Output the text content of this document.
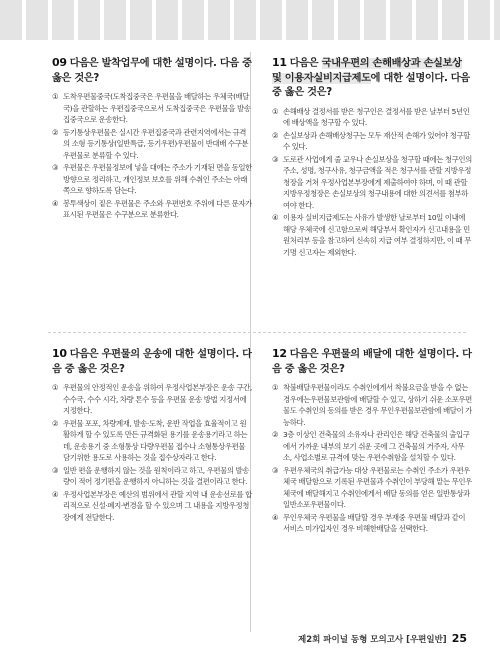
09 다음은 발착업무에 대한 설명이다. 다음 중 옳은 것은?
① 도착우편물중국(도착집중국은 우편물을 배달하는 우체국(배달국)을 관할하는 우편집중국으로서 도착집중국은 우편물을 발송집중국으로 운송한다.
② 등기통상우편물은 실시간 우편집중국과 관련지역에서는 규격의 소형 등기통상(일반특급, 등기우편)우편물이 반대배 수구분 우편물로 분류할 수 있다.
③ 우편물은 우편물정보에 넣을 대에는 주소가 기재된 면을 동일한 방향으로 정리하고, 개인정보 보호를 위해 수취인 주소는 아래쪽으로 향하도록 담는다.
④ 봉투색상이 짙은 우편물은 주소와 우편번호 주위에 다른 문자가 표시된 우편물은 수구분으로 분류한다.
11 다음은 국내우편의 손해배상과 손실보상 및 이용자실비지급제도에 대한 설명이다. 다음 중 옳은 것은?
① 손해배상 결정서를 받은 청구인은 결정서를 받은 날부터 5년인에 배상액을 청구할 수 있다.
② 손실보상과 손해배상청구는 모두 재산적 손해가 있어야 청구할 수 있다.
③ 도로관 사업에게 줄 교우나 손실보상을 청구할 때에는 청구인의 주소, 성명, 청구사유, 청구금액을 적은 청구서를 관할 지방우정청장을 거쳐 우정사업본부장에게 제출하여야 하며, 이 때 관할 지방우정청장은 손실보상의 청구내용에 대한 의견서를 첨부하여야 한다.
④ 이용자 실비지급제도는 사유가 발생한 날로부터 10일 이내에 해당 우체국에 신고함으로써 해당부서 확인자가 신고내용을 민원처리부 등을 참고하여 신속히 지급 여부 결정하지만, 이 때 무기명 신고자는 제외한다.
10 다음은 우편물의 운송에 대한 설명이다. 다음 중 옳은 것은?
① 우편물의 안정적인 운송을 위하여 우정사업본부장은 운송 구간, 수수국, 수수 시각, 차량 톤수 등을 우편물 운송 방법 지정서에 지정한다.
② 우편물 포포, 차량계재, 발송·도착, 운반 작업을 효율적이고 원활하게 할 수 있도록 만든 규격화된 용기를 운송용기라고 하는데, 운송용기 중 소형통상 다량우편물 접수나 소형통상우편물 담기위한 용도로 사용하는 것을 접수상자라고 한다.
③ 일반 편을 운행하지 않는 것을 원칙이라고 하고, 우편물의 발송량이 적어 정기편을 운행하지 아니하는 것을 결편이라고 한다.
④ 우정사업본부장은 예산의 범위에서 관할 지역 내 운송선로를 합리적으로 신설·폐지·변경을 할 수 있으며 그 내용을 지방우정청장에게 전달한다.
12 다음은 우편물의 배달에 대한 설명이다. 다음 중 옳은 것은?
① 착불배달우편물이라도 수취인에게서 착불요금을 받을 수 없는 경우에는우편물보관함에 배달할 수 있고, 상하기 쉬운 소포우편물도 수취인의 동의를 받은 경우 무인우편물보관함에 배달이 가능하다.
② 3층 이상인 건축물의 소유자나 관리인은 해당 건축물의 출입구에서 가까운 내부의 보기 쉬운 곳에 그 건축물의 거주자, 사무소, 사업소별로 규격에 맞는 우편수취함을 설치할 수 있다.
③ 우편우체국의 취급가능 대상 우편물로는 수취인 주소가 우편우체국 배달함으로 기록된 우편물과 수취인이 부당해 맡는 무인우체국에 배달해지고 수취인에게서 배달 동의를 얻은 일반통상과 일반소포우편물이다.
④ 무인우체국 우편물을 배달할 경우 부재중 우편물 배달과 같이 서비스 미가입자인 경우 비해한배달을 선택한다.
제2회 파이널 동형 모의고사 [우편일반] 25
